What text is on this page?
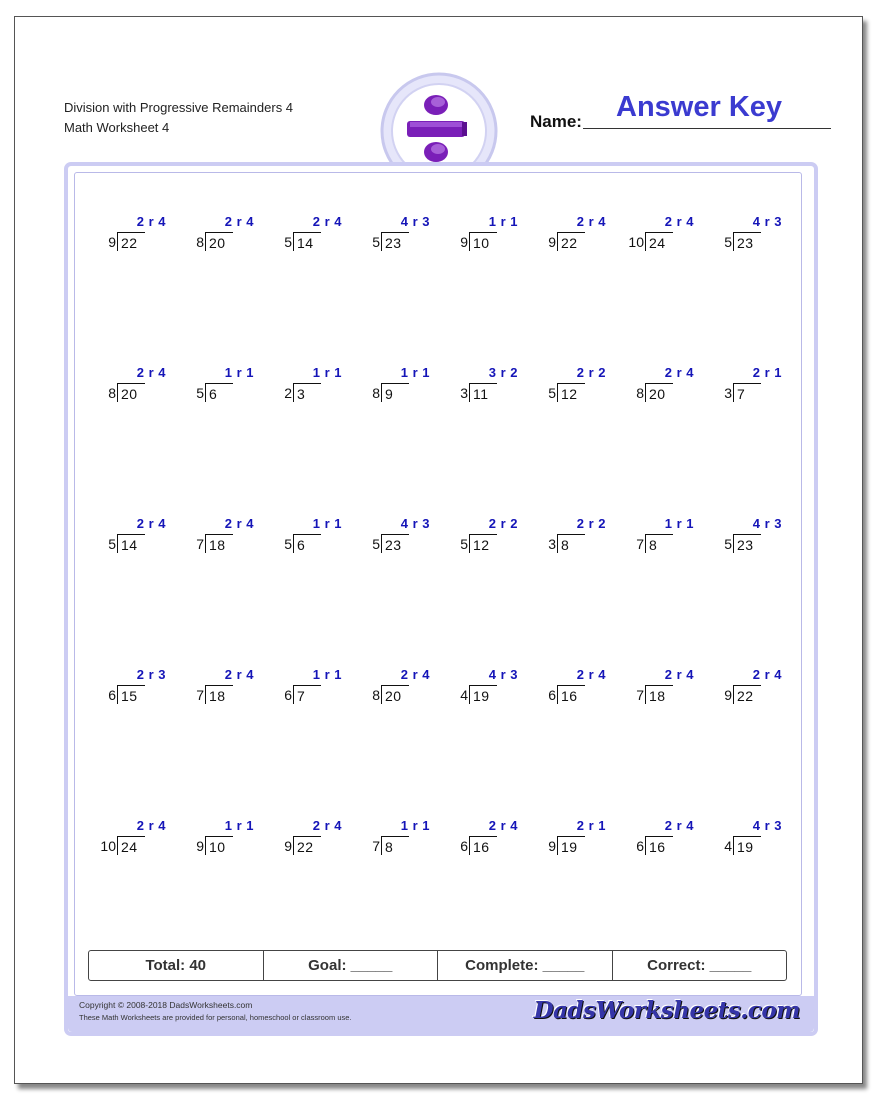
Division with Progressive Remainders 4
Math Worksheet 4	Name: Answer Key
2 r 4
9 22
2 r 4
8 20
2 r 4
5 14
4 r 3
5 23
1 r 1
9 10
2 r 4
9 22
2 r 4
10 24
4 r 3
5 23
2 r 4
8 20
1 r 1
5 6
1 r 1
2 3
1 r 1
8 9
3 r 2
3 11
2 r 2
5 12
2 r 4
8 20
2 r 1
3 7
2 r 4
5 14
2 r 4
7 18
1 r 1
5 6
4 r 3
5 23
2 r 2
5 12
2 r 2
3 8
1 r 1
7 8
4 r 3
5 23
2 r 3
6 15
2 r 4
7 18
1 r 1
6 7
2 r 4
8 20
4 r 3
4 19
2 r 4
6 16
2 r 4
7 18
2 r 4
9 22
2 r 4
10 24
1 r 1
9 10
2 r 4
9 22
1 r 1
7 8
2 r 4
6 16
2 r 1
9 19
2 r 4
6 16
4 r 3
4 19
Total: 40	Goal: _____	Complete: _____	Correct: _____
Copyright © 2008-2018 DadsWorksheets.com
These Math Worksheets are provided for personal, homeschool or classroom use.	DadsWorksheets.com
